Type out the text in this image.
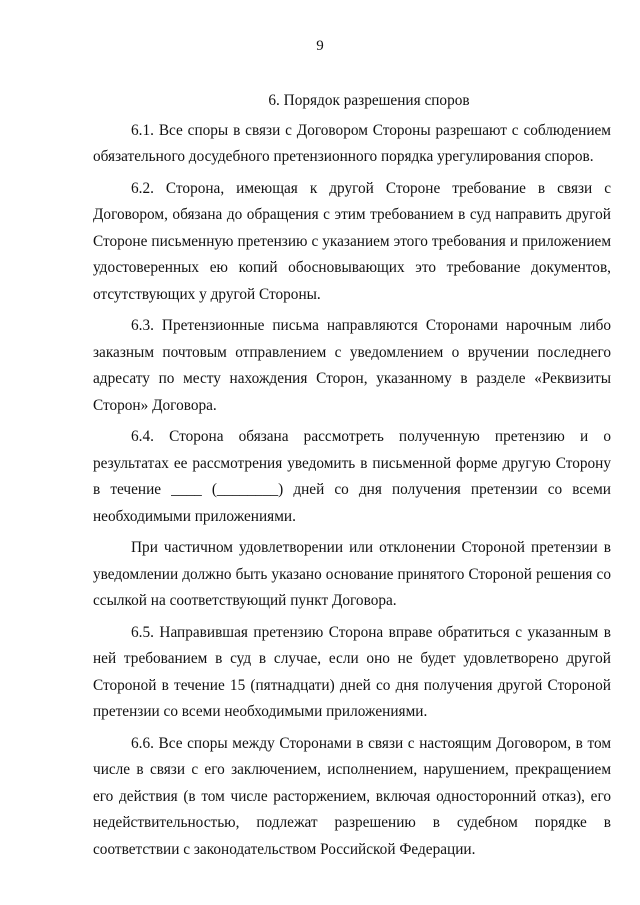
9
6. Порядок разрешения споров

6.1. Все споры в связи с Договором Стороны разрешают с соблюдением обязательного досудебного претензионного порядка урегулирования споров.

6.2. Сторона, имеющая к другой Стороне требование в связи с Договором, обязана до обращения с этим требованием в суд направить другой Стороне письменную претензию с указанием этого требования и приложением удостоверенных ею копий обосновывающих это требование документов, отсутствующих у другой Стороны.

6.3. Претензионные письма направляются Сторонами нарочным либо заказным почтовым отправлением с уведомлением о вручении последнего адресату по месту нахождения Сторон, указанному в разделе «Реквизиты Сторон» Договора.

6.4. Сторона обязана рассмотреть полученную претензию и о результатах ее рассмотрения уведомить в письменной форме другую Сторону в течение ____ (________) дней со дня получения претензии со всеми необходимыми приложениями.

При частичном удовлетворении или отклонении Стороной претензии в уведомлении должно быть указано основание принятого Стороной решения со ссылкой на соответствующий пункт Договора.

6.5. Направившая претензию Сторона вправе обратиться с указанным в ней требованием в суд в случае, если оно не будет удовлетворено другой Стороной в течение 15 (пятнадцати) дней со дня получения другой Стороной претензии со всеми необходимыми приложениями.

6.6. Все споры между Сторонами в связи с настоящим Договором, в том числе в связи с его заключением, исполнением, нарушением, прекращением его действия (в том числе расторжением, включая односторонний отказ), его недействительностью, подлежат разрешению в судебном порядке в соответствии с законодательством Российской Федерации.
